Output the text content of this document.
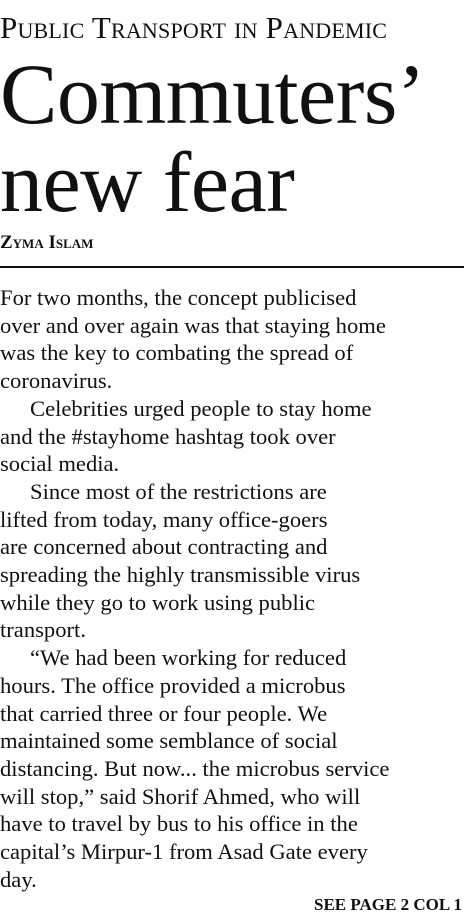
Public Transport in Pandemic
Commuters’
new fear
Zyma Islam
For two months, the concept publicised
over and over again was that staying home
was the key to combating the spread of
coronavirus.
Celebrities urged people to stay home
and the #stayhome hashtag took over
social media.
Since most of the restrictions are
lifted from today, many office-goers
are concerned about contracting and
spreading the highly transmissible virus
while they go to work using public
transport.
“We had been working for reduced
hours. The office provided a microbus
that carried three or four people. We
maintained some semblance of social
distancing. But now... the microbus service
will stop,” said Shorif Ahmed, who will
have to travel by bus to his office in the
capital’s Mirpur-1 from Asad Gate every
day.
SEE PAGE 2 COL 1
